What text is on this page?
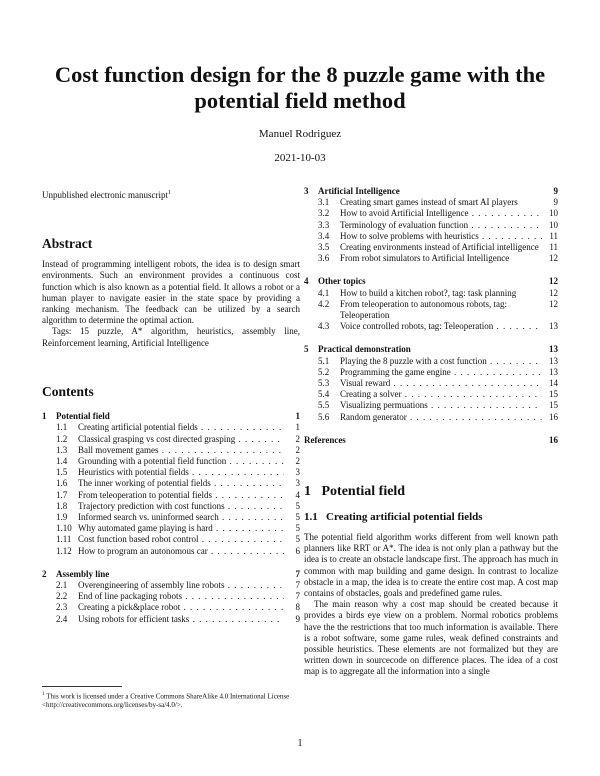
Cost function design for the 8 puzzle game with the potential field method
Manuel Rodriguez
2021-10-03
Unpublished electronic manuscript$^1$
Abstract

Instead of programming intelligent robots, the idea is to design smart environments. Such an environment provides a continuous cost function which is also known as a potential field. It allows a robot or a human player to navigate easier in the state space by providing a ranking mechanism. The feedback can be utilized by a search algorithm to determine the optimal action.

Tags: 15 puzzle, A* algorithm, heuristics, assembly line, Reinforcement learning, Artificial Intelligence

Contents
1	Potential field	1
1.1	Creating artificial potential fields . . .	1
1.2	Classical grasping vs cost directed grasping . . .	2
1.3	Ball movement games . . .	2
1.4	Grounding with a potential field function . . .	2
1.5	Heuristics with potential fields . . .	3
1.6	The inner working of potential fields . . .	3
1.7	From teleoperation to potential fields . . .	4
1.8	Trajectory prediction with cost functions . . .	5
1.9	Informed search vs. uninformed search . . .	5
1.10 Why automated game playing is hard . . .	5
1.11 Cost function based robot control . . .	5
1.12 How to program an autonomous car . . .	6
2	Assembly line	7
2.1	Overengineering of assembly line robots . . .	7
2.2	End of line packaging robots . . .	7
2.3	Creating a pick&place robot . . .	8
2.4	Using robots for efficient tasks . . .	9
3	Artificial Intelligence	9
3.1	Creating smart games instead of smart AI players	9
3.2	How to avoid Artificial Intelligence . . .	10
3.3	Terminology of evaluation function . . .	10
3.4	How to solve problems with heuristics . . .	11
3.5	Creating environments instead of Artificial intelligence	11
3.6	From robot simulators to Artificial Intelligence	12
4	Other topics	12
4.1	How to build a kitchen robot?, tag: task planning	12
4.2	From teleoperation to autonomous robots, tag: Teleoperation
12
4.3	Voice controlled robots, tag: Teleoperation . . .	13
5	Practical demonstration	13
5.1	Playing the 8 puzzle with a cost function . . .	13
5.2	Programming the game engine . . .	13
5.3	Visual reward . . .	14
5.4	Creating a solver . . .	15
5.5	Visualizing permuations . . .	15
5.6	Random generator . . .	16
References	16
1 Potential field
1.1 Creating artificial potential fields

The potential field algorithm works different from well known path planners like RRT or A*. The idea is not only plan a pathway but the idea is to create an obstacle landscape first. The approach has much in common with map building and game design. In contrast to localize obstacle in a map, the idea is to create the entire cost map. A cost map contains of obstacles, goals and predefined game rules.

The main reason why a cost map should be created because it provides a birds eye view on a problem. Normal robotics problems have the the restrictions that too much information is available. There is a robot software, some game rules, weak defined constraints and possible heuristics. These elements are not formalized but they are written down in sourcecode on difference places. The idea of a cost map is to aggregate all the information into a single

$^1$ This work is licensed under a Creative Commons ShareAlike 4.0 International License <http://creativecommons.org/licenses/by-sa/4.0/>.
1
